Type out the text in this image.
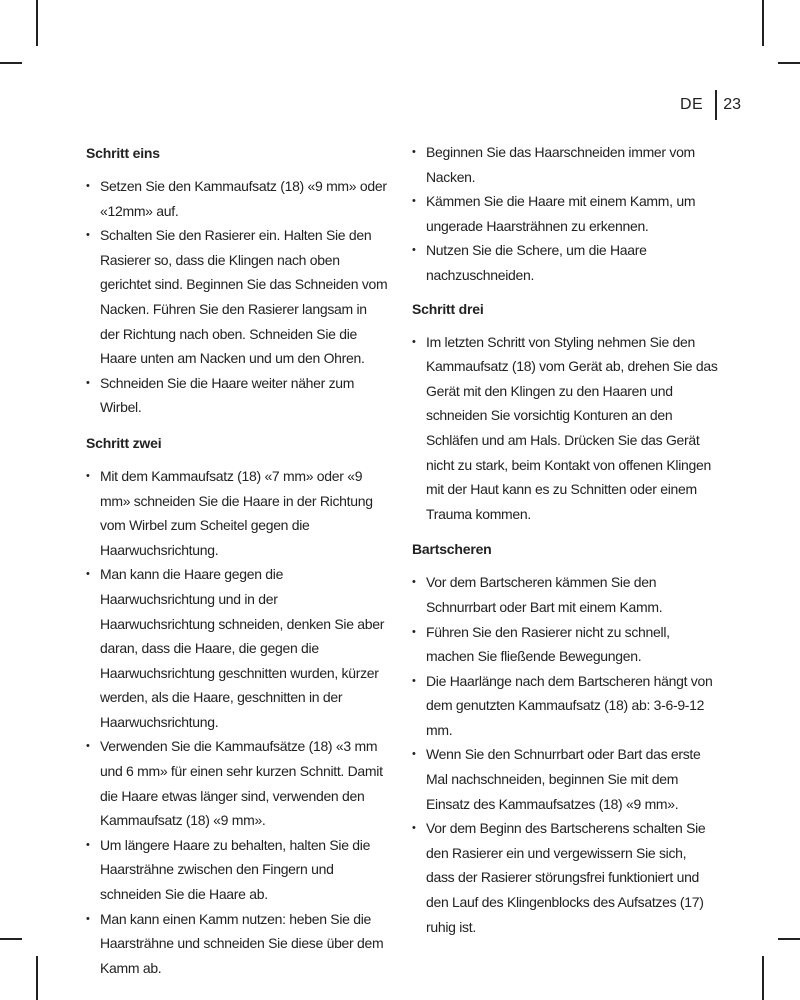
DE 23
Schritt eins
• Setzen Sie den Kammaufsatz (18) «9 mm» oder «12mm» auf.
• Schalten Sie den Rasierer ein. Halten Sie den Rasierer so, dass die Klingen nach oben gerichtet sind. Beginnen Sie das Schneiden vom Nacken. Führen Sie den Rasierer langsam in der Richtung nach oben. Schneiden Sie die Haare unten am Nacken und um den Ohren.
• Schneiden Sie die Haare weiter näher zum Wirbel.
Schritt zwei
• Mit dem Kammaufsatz (18) «7 mm» oder «9 mm» schneiden Sie die Haare in der Richtung vom Wirbel zum Scheitel gegen die Haarwuchsrichtung.
• Man kann die Haare gegen die Haarwuchsrichtung und in der Haarwuchsrichtung schneiden, denken Sie aber daran, dass die Haare, die gegen die Haarwuchsrichtung geschnitten wurden, kürzer werden, als die Haare, geschnitten in der Haarwuchsrichtung.
• Verwenden Sie die Kammaufsätze (18) «3 mm und 6 mm» für einen sehr kurzen Schnitt. Damit die Haare etwas länger sind, verwenden den Kammaufsatz (18) «9 mm».
• Um längere Haare zu behalten, halten Sie die Haarsträhne zwischen den Fingern und schneiden Sie die Haare ab.
• Man kann einen Kamm nutzen: heben Sie die Haarsträhne und schneiden Sie diese über dem Kamm ab.
• Beginnen Sie das Haarschneiden immer vom Nacken.
• Kämmen Sie die Haare mit einem Kamm, um ungerade Haarsträhnen zu erkennen.
• Nutzen Sie die Schere, um die Haare nachzuschneiden.
Schritt drei
• Im letzten Schritt von Styling nehmen Sie den Kammaufsatz (18) vom Gerät ab, drehen Sie das Gerät mit den Klingen zu den Haaren und schneiden Sie vorsichtig Konturen an den Schläfen und am Hals. Drücken Sie das Gerät nicht zu stark, beim Kontakt von offenen Klingen mit der Haut kann es zu Schnitten oder einem Trauma kommen.
Bartscheren
• Vor dem Bartscheren kämmen Sie den Schnurrbart oder Bart mit einem Kamm.
• Führen Sie den Rasierer nicht zu schnell, machen Sie fließende Bewegungen.
• Die Haarlänge nach dem Bartscheren hängt von dem genutzten Kammaufsatz (18) ab: 3-6-9-12 mm.
• Wenn Sie den Schnurrbart oder Bart das erste Mal nachschneiden, beginnen Sie mit dem Einsatz des Kammaufsatzes (18) «9 mm».
• Vor dem Beginn des Bartscherens schalten Sie den Rasierer ein und vergewissern Sie sich, dass der Rasierer störungsfrei funktioniert und den Lauf des Klingenblocks des Aufsatzes (17) ruhig ist.
